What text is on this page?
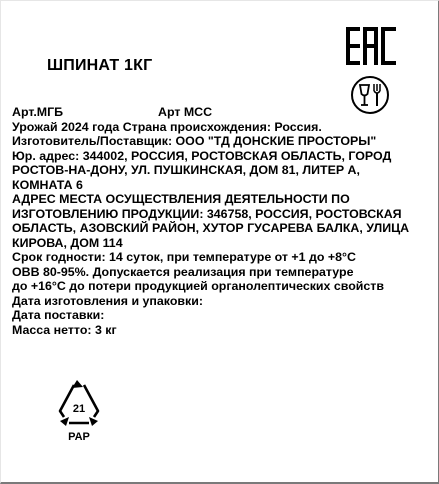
ШПИНАТ 1КГ
Арт.МГБ	Арт МСС
Урожай 2024 года Страна происхождения: Россия.
Изготовитель/Поставщик: ООО "ТД ДОНСКИЕ ПРОСТОРЫ"
Юр. адрес: 344002, РОССИЯ, РОСТОВСКАЯ ОБЛАСТЬ, ГОРОД
РОСТОВ-НА-ДОНУ, УЛ. ПУШКИНСКАЯ, ДОМ 81, ЛИТЕР А,
КОМНАТА 6
АДРЕС МЕСТА ОСУЩЕСТВЛЕНИЯ ДЕЯТЕЛЬНОСТИ ПО
ИЗГОТОВЛЕНИЮ ПРОДУКЦИИ: 346758, РОССИЯ, РОСТОВСКАЯ
ОБЛАСТЬ, АЗОВСКИЙ РАЙОН, ХУТОР ГУСАРЕВА БАЛКА, УЛИЦА
КИРОВА, ДОМ 114
Срок годности: 14 суток, при температуре от +1 до +8°С
ОВВ 80-95%. Допускается реализация при температуре
до +16°С до потери продукцией органолептических свойств
Дата изготовления и упаковки:
Дата поставки:
Масса нетто: 3 кг
21
PAP
